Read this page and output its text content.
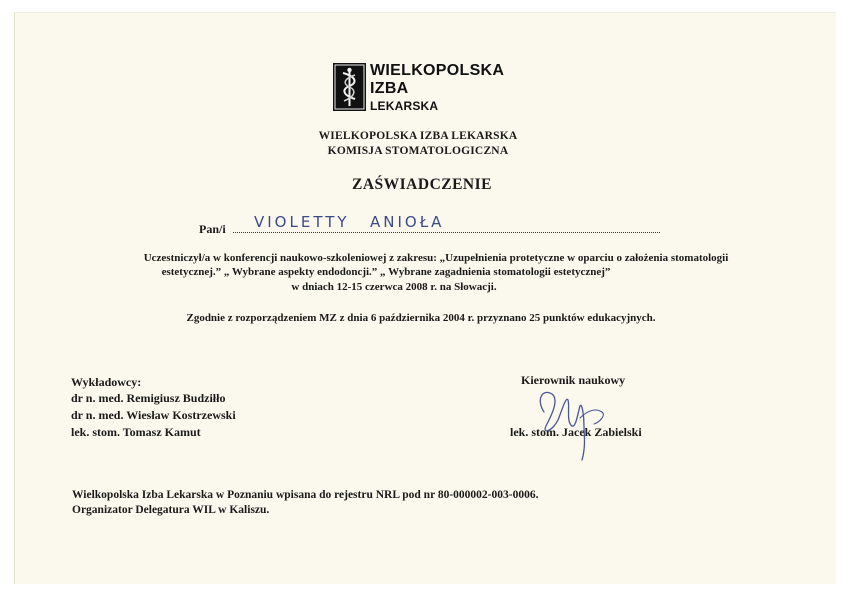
WIELKOPOLSKA
IZBA
LEKARSKA
WIELKOPOLSKA IZBA LEKARSKA
KOMISJA STOMATOLOGICZNA
ZAŚWIADCZENIE
Pan/i VIOLETTY ANIOŁA
Uczestniczył/a w konferencji naukowo-szkoleniowej z zakresu: „Uzupełnienia protetyczne w oparciu o założenia stomatologii
estetycznej.” „ Wybrane aspekty endodoncji.” „ Wybrane zagadnienia stomatologii estetycznej”
w dniach 12-15 czerwca 2008 r. na Słowacji.
Zgodnie z rozporządzeniem MZ z dnia 6 października 2004 r. przyznano 25 punktów edukacyjnych.
Wykładowcy:
dr n. med. Remigiusz Budziłło
dr n. med. Wiesław Kostrzewski
lek. stom. Tomasz Kamut
Kierownik naukowy
lek. stom. Jacek Zabielski
Wielkopolska Izba Lekarska w Poznaniu wpisana do rejestru NRL pod nr 80-000002-003-0006.
Organizator Delegatura WIL w Kaliszu.
